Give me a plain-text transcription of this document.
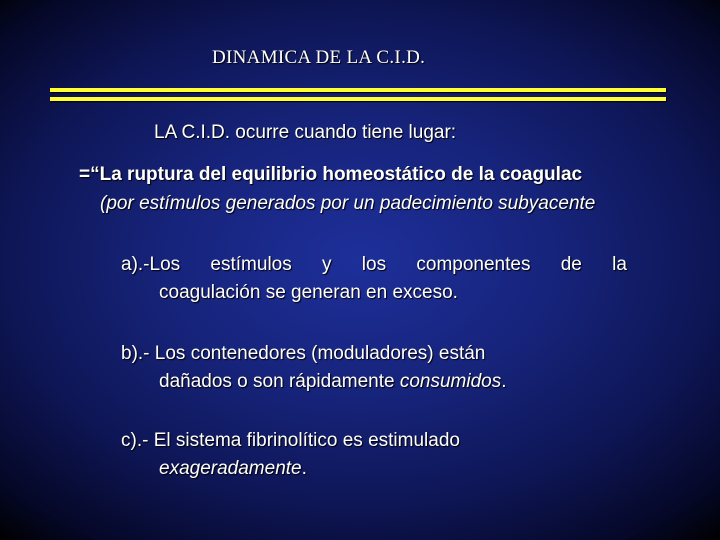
DINAMICA DE LA C.I.D.
LA C.I.D. ocurre cuando tiene lugar:
=“La ruptura del equilibrio homeostático de la coagulac
(por estímulos generados por un padecimiento subyacente
a).-Los estímulos y los componentes de la
coagulación se generan en exceso.
b).- Los contenedores (moduladores) están
dañados o son rápidamente consumidos.
c).- El sistema fibrinolítico es estimulado
exageradamente.
